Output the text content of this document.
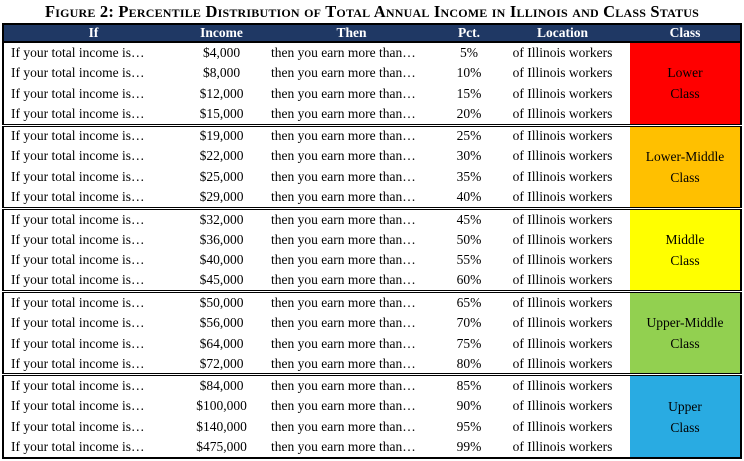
Figure 2: Percentile Distribution of Total Annual Income in Illinois and Class Status
If	Income	Then	Pct.	Location	Class
If your total income is…	$4,000	then you earn more than…	5%	of Illinois workers	Lower
Class

If your total income is…	$8,000	then you earn more than…	10%	of Illinois workers	
If your total income is…	$12,000	then you earn more than…	15%	of Illinois workers	
If your total income is…	$15,000	then you earn more than…	20%	of Illinois workers	
If your total income is…	$19,000	then you earn more than…	25%	of Illinois workers	Lower-Middle
Class

If your total income is…	$22,000	then you earn more than…	30%	of Illinois workers	
If your total income is…	$25,000	then you earn more than…	35%	of Illinois workers	
If your total income is…	$29,000	then you earn more than…	40%	of Illinois workers	
If your total income is…	$32,000	then you earn more than…	45%	of Illinois workers	Middle
Class

If your total income is…	$36,000	then you earn more than…	50%	of Illinois workers	
If your total income is…	$40,000	then you earn more than…	55%	of Illinois workers	
If your total income is…	$45,000	then you earn more than…	60%	of Illinois workers	
If your total income is…	$50,000	then you earn more than…	65%	of Illinois workers	Upper-Middle
Class

If your total income is…	$56,000	then you earn more than…	70%	of Illinois workers	
If your total income is…	$64,000	then you earn more than…	75%	of Illinois workers	
If your total income is…	$72,000	then you earn more than…	80%	of Illinois workers	
If your total income is…	$84,000	then you earn more than…	85%	of Illinois workers	Upper
Class

If your total income is…	$100,000	then you earn more than…	90%	of Illinois workers	
If your total income is…	$140,000	then you earn more than…	95%	of Illinois workers	
If your total income is…	$475,000	then you earn more than…	99%	of Illinois workers	
